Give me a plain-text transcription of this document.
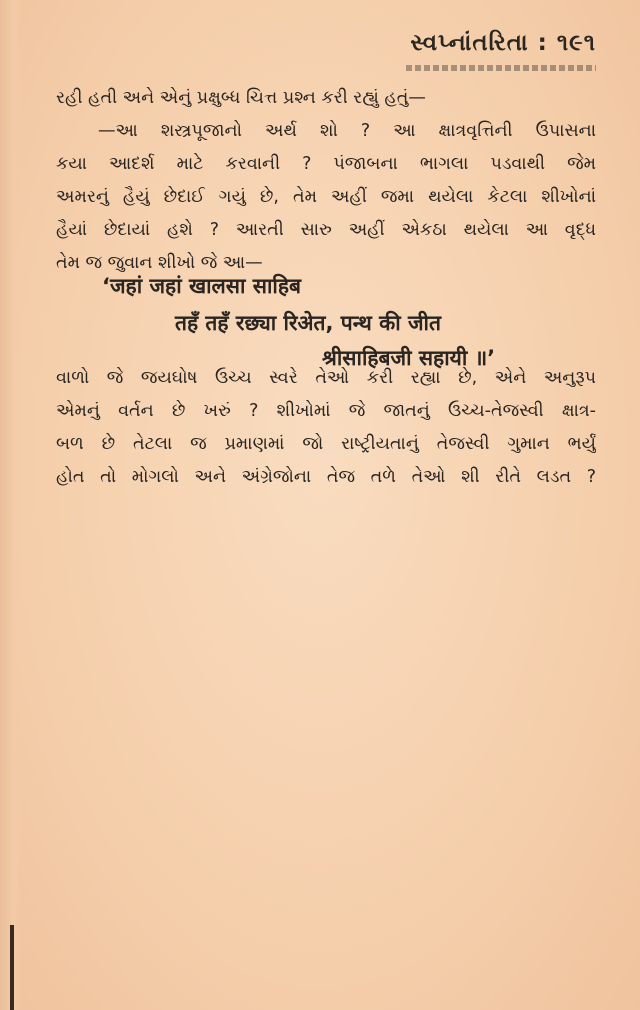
સ્વપ્નાંતરિતા : ૧૯૧
રહી હતી અને એનું પ્રક્ષુબ્ધ ચિત્ત પ્રશ્ન કરી રહ્યું હતું—
—આ શસ્ત્રપૂજાનો અર્થ શો ? આ ક્ષાત્રવૃત્તિની ઉપાસના
કયા આદર્શ માટે કરવાની ? પંજાબના ભાગલા પડવાથી જેમ
અમરનું હૈયું છેદાઈ ગયું છે, તેમ અહીં જમા થયેલા કેટલા શીખોનાં
હૈયાં છેદાયાં હશે ? આરતી સારુ અહીં એકઠા થયેલા આ વૃદ્ધ
તેમ જ જુવાન શીખો જે આ—
‘जहां जहां खालसा साहिब
तहँ तहँ रछ्या रिअेत, पन्थ की जीत
श्रीसाहिबजी सहायी ॥’
વાળો જે જયઘોષ ઉચ્ચ સ્વરે તેઓ કરી રહ્યા છે, એને અનુરૂપ
એમનું વર્તન છે ખરું ? શીખોમાં જે જાતનું ઉચ્ચ-તેજસ્વી ક્ષાત્ર-
બળ છે તેટલા જ પ્રમાણમાં જો રાષ્ટ્રીયતાનું તેજસ્વી ગુમાન ભર્યું
હોત તો મોગલો અને અંગ્રેજોના તેજ તળે તેઓ શી રીતે લડત ?
